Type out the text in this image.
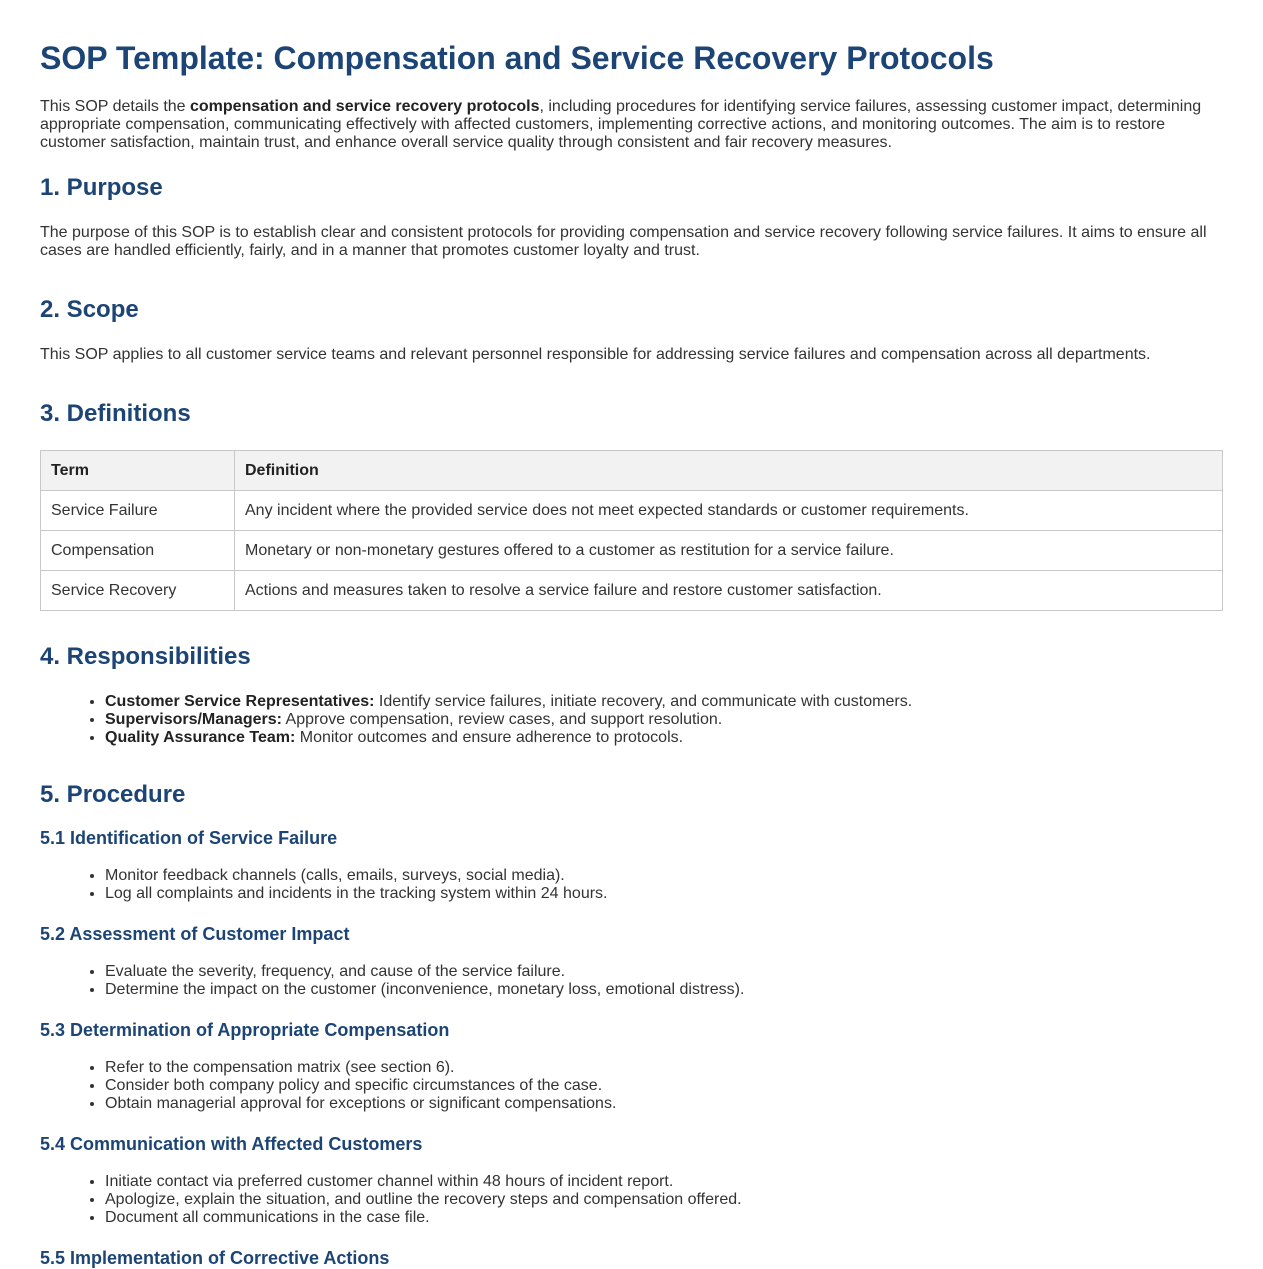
SOP Template: Compensation and Service Recovery Protocols

This SOP details the compensation and service recovery protocols, including procedures for identifying service failures, assessing customer impact, determining appropriate compensation, communicating effectively with affected customers, implementing corrective actions, and monitoring outcomes. The aim is to restore customer satisfaction, maintain trust, and enhance overall service quality through consistent and fair recovery measures.

1. Purpose

The purpose of this SOP is to establish clear and consistent protocols for providing compensation and service recovery following service failures. It aims to ensure all cases are handled efficiently, fairly, and in a manner that promotes customer loyalty and trust.

2. Scope

This SOP applies to all customer service teams and relevant personnel responsible for addressing service failures and compensation across all departments.

3. Definitions
Term	Definition
Service Failure	Any incident where the provided service does not meet expected standards or customer requirements.
Compensation	Monetary or non-monetary gestures offered to a customer as restitution for a service failure.
Service Recovery	Actions and measures taken to resolve a service failure and restore customer satisfaction.
4. Responsibilities
• Customer Service Representatives: Identify service failures, initiate recovery, and communicate with customers.
• Supervisors/Managers: Approve compensation, review cases, and support resolution.
• Quality Assurance Team: Monitor outcomes and ensure adherence to protocols.
5. Procedure
5.1 Identification of Service Failure
• Monitor feedback channels (calls, emails, surveys, social media).
• Log all complaints and incidents in the tracking system within 24 hours.
5.2 Assessment of Customer Impact
• Evaluate the severity, frequency, and cause of the service failure.
• Determine the impact on the customer (inconvenience, monetary loss, emotional distress).
5.3 Determination of Appropriate Compensation
• Refer to the compensation matrix (see section 6).
• Consider both company policy and specific circumstances of the case.
• Obtain managerial approval for exceptions or significant compensations.
5.4 Communication with Affected Customers
• Initiate contact via preferred customer channel within 48 hours of incident report.
• Apologize, explain the situation, and outline the recovery steps and compensation offered.
• Document all communications in the case file.
5.5 Implementation of Corrective Actions
